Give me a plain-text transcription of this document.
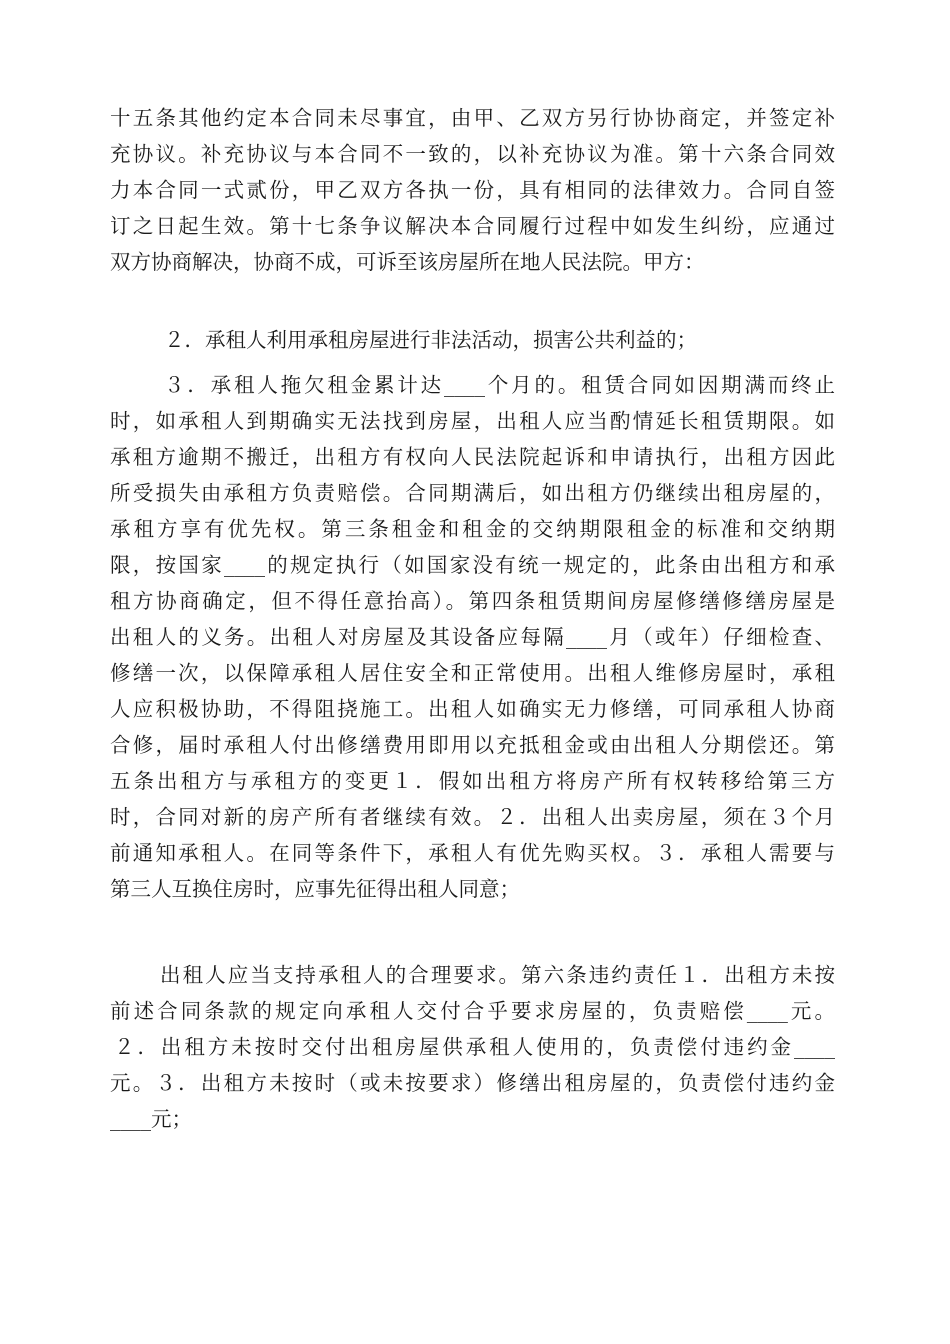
十五条其他约定本合同未尽事宜，由甲、乙双方另行协协商定，并签定补
充协议。补充协议与本合同不一致的，以补充协议为准。第十六条合同效
力本合同一式贰份，甲乙双方各执一份，具有相同的法律效力。合同自签
订之日起生效。第十七条争议解决本合同履行过程中如发生纠纷，应通过
双方协商解决，协商不成，可诉至该房屋所在地人民法院。甲方：
２．承租人利用承租房屋进行非法活动，损害公共利益的；
３．承租人拖欠租金累计达____个月的。租赁合同如因期满而终止
时，如承租人到期确实无法找到房屋，出租人应当酌情延长租赁期限。如
承租方逾期不搬迁，出租方有权向人民法院起诉和申请执行，出租方因此
所受损失由承租方负责赔偿。合同期满后，如出租方仍继续出租房屋的，
承租方享有优先权。第三条租金和租金的交纳期限租金的标准和交纳期
限，按国家____的规定执行（如国家没有统一规定的，此条由出租方和承
租方协商确定，但不得任意抬高）。第四条租赁期间房屋修缮修缮房屋是
出租人的义务。出租人对房屋及其设备应每隔____月（或年）仔细检查、
修缮一次，以保障承租人居住安全和正常使用。出租人维修房屋时，承租
人应积极协助，不得阻挠施工。出租人如确实无力修缮，可同承租人协商
合修，届时承租人付出修缮费用即用以充抵租金或由出租人分期偿还。第
五条出租方与承租方的变更１．假如出租方将房产所有权转移给第三方
时，合同对新的房产所有者继续有效。２．出租人出卖房屋，须在３个月
前通知承租人。在同等条件下，承租人有优先购买权。３．承租人需要与
第三人互换住房时，应事先征得出租人同意；
出租人应当支持承租人的合理要求。第六条违约责任１．出租方未按
前述合同条款的规定向承租人交付合乎要求房屋的，负责赔偿____元。
２．出租方未按时交付出租房屋供承租人使用的，负责偿付违约金____
元。３．出租方未按时（或未按要求）修缮出租房屋的，负责偿付违约金
____元；
